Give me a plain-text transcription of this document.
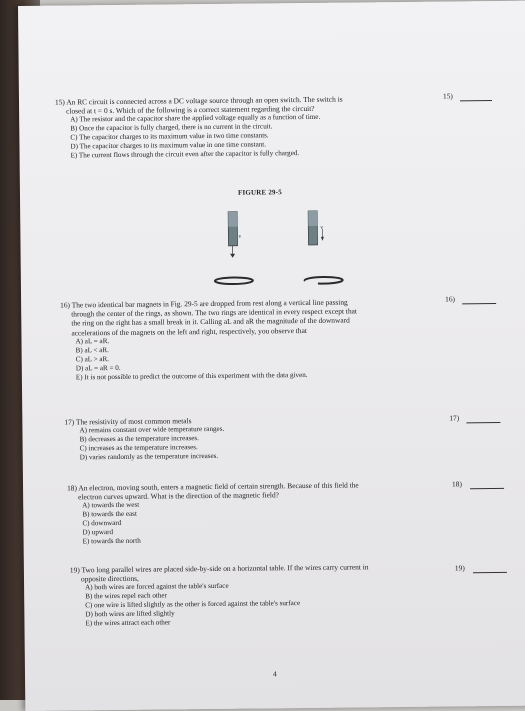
15) An RC circuit is connected across a DC voltage source through an open switch. The switch is
closed at t = 0 s. Which of the following is a correct statement regarding the circuit?
A) The resistor and the capacitor share the applied voltage equally as a function of time.
B) Once the capacitor is fully charged, there is no current in the circuit.
C) The capacitor charges to its maximum value in two time constants.
D) The capacitor charges to its maximum value in one time constant.
E) The current flows through the circuit even after the capacitor is fully charged.
15)
FIGURE 29-5
v
v
16) The two identical bar magnets in Fig. 29-5 are dropped from rest along a vertical line passing
through the center of the rings, as shown. The two rings are identical in every respect except that
the ring on the right has a small break in it. Calling aL and aR the magnitude of the downward
accelerations of the magnets on the left and right, respectively, you observe that
A) aL = aR.
B) aL < aR.
C) aL > aR.
D) aL = aR = 0.
E) It is not possible to predict the outcome of this experiment with the data given.
16)
17) The resistivity of most common metals
A) remains constant over wide temperature ranges.
B) decreases as the temperature increases.
C) increases as the temperature increases.
D) varies randomly as the temperature increases.
17)
18) An electron, moving south, enters a magnetic field of certain strength. Because of this field the
electron curves upward. What is the direction of the magnetic field?
A) towards the west
B) towards the east
C) downward
D) upward
E) towards the north
18)
19) Two long parallel wires are placed side-by-side on a horizontal table. If the wires carry current in
opposite directions,
A) both wires are forced against the table's surface
B) the wires repel each other
C) one wire is lifted slightly as the other is forced against the table's surface
D) both wires are lifted slightly
E) the wires attract each other
19)
4
